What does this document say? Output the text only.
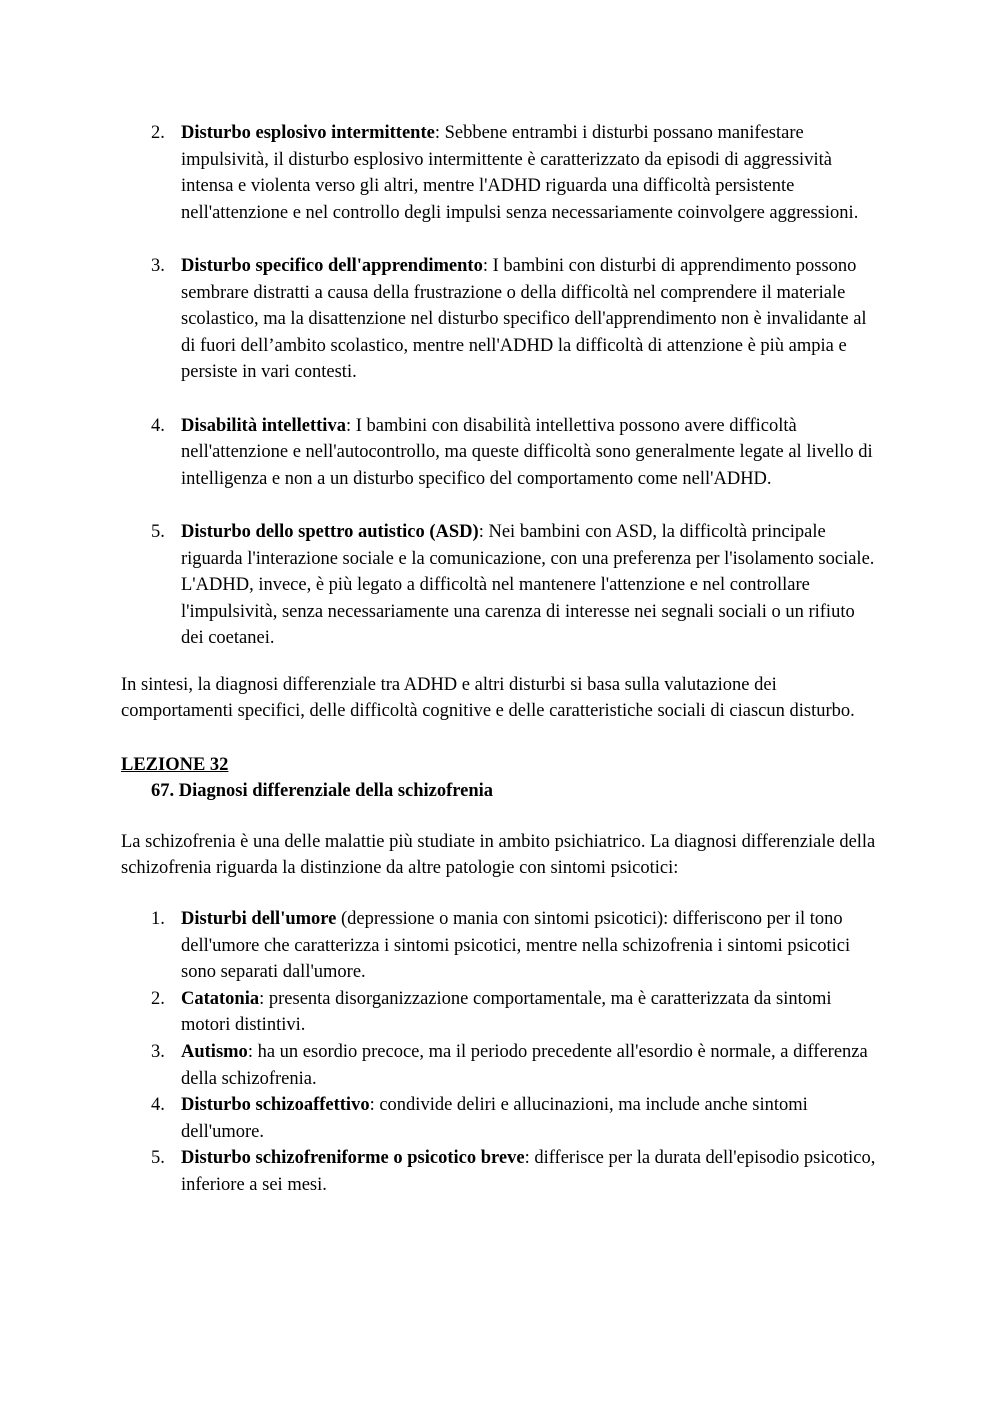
2. Disturbo esplosivo intermittente: Sebbene entrambi i disturbi possano manifestare impulsività, il disturbo esplosivo intermittente è caratterizzato da episodi di aggressività intensa e violenta verso gli altri, mentre l'ADHD riguarda una difficoltà persistente nell'attenzione e nel controllo degli impulsi senza necessariamente coinvolgere aggressioni.
3. Disturbo specifico dell'apprendimento: I bambini con disturbi di apprendimento possono sembrare distratti a causa della frustrazione o della difficoltà nel comprendere il materiale scolastico, ma la disattenzione nel disturbo specifico dell'apprendimento non è invalidante al di fuori dell’ambito scolastico, mentre nell'ADHD la difficoltà di attenzione è più ampia e persiste in vari contesti.
4. Disabilità intellettiva: I bambini con disabilità intellettiva possono avere difficoltà nell'attenzione e nell'autocontrollo, ma queste difficoltà sono generalmente legate al livello di intelligenza e non a un disturbo specifico del comportamento come nell'ADHD.
5. Disturbo dello spettro autistico (ASD): Nei bambini con ASD, la difficoltà principale riguarda l'interazione sociale e la comunicazione, con una preferenza per l'isolamento sociale. L'ADHD, invece, è più legato a difficoltà nel mantenere l'attenzione e nel controllare l'impulsività, senza necessariamente una carenza di interesse nei segnali sociali o un rifiuto dei coetanei.

In sintesi, la diagnosi differenziale tra ADHD e altri disturbi si basa sulla valutazione dei comportamenti specifici, delle difficoltà cognitive e delle caratteristiche sociali di ciascun disturbo.

LEZIONE 32
67. Diagnosi differenziale della schizofrenia

La schizofrenia è una delle malattie più studiate in ambito psichiatrico. La diagnosi differenziale della schizofrenia riguarda la distinzione da altre patologie con sintomi psicotici:

1. Disturbi dell'umore (depressione o mania con sintomi psicotici): differiscono per il tono dell'umore che caratterizza i sintomi psicotici, mentre nella schizofrenia i sintomi psicotici sono separati dall'umore.
2. Catatonia: presenta disorganizzazione comportamentale, ma è caratterizzata da sintomi motori distintivi.
3. Autismo: ha un esordio precoce, ma il periodo precedente all'esordio è normale, a differenza della schizofrenia.
4. Disturbo schizoaffettivo: condivide deliri e allucinazioni, ma include anche sintomi dell'umore.
5. Disturbo schizofreniforme o psicotico breve: differisce per la durata dell'episodio psicotico, inferiore a sei mesi.
